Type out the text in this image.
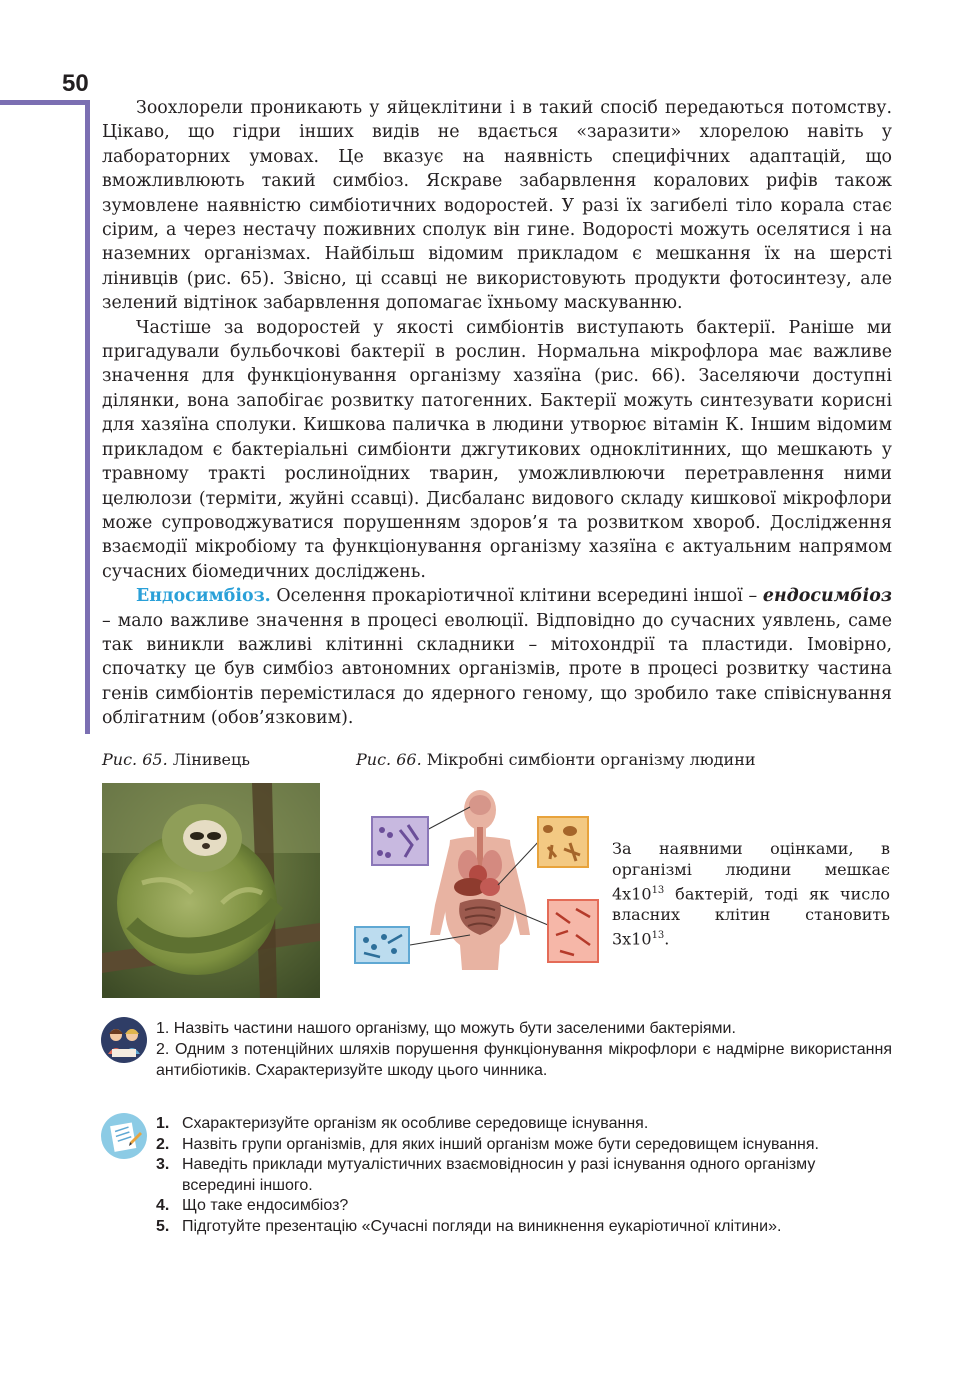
50

Зоохлорели проникають у яйцеклітини і в такий спосіб передаються потомству. Цікаво, що гідри інших видів не вдається «заразити» хлорелою навіть у лабораторних умовах. Це вказує на наявність специфічних адаптацій, що вможливлюють такий симбіоз. Яскраве забарвлення коралових рифів також зумовлене наявністю симбіотичних водоростей. У разі їх загибелі тіло корала стає сірим, а через нестачу поживних сполук він гине. Водорості можуть оселятися і на наземних організмах. Найбільш відомим прикладом є мешкання їх на шерсті лінивців (рис. 65). Звісно, ці ссавці не використовують продукти фотосинтезу, але зелений відтінок забарвлення допомагає їхньому маскуванню.

Частіше за водоростей у якості симбіонтів виступають бактерії. Раніше ми пригадували бульбочкові бактерії в рослин. Нормальна мікрофлора має важливе значення для функціонування організму хазяїна (рис. 66). Заселяючи доступні ділянки, вона запобігає розвитку патогенних. Бактерії можуть синтезувати корисні для хазяїна сполуки. Кишкова паличка в людини утворює вітамін К. Іншим відомим прикладом є бактеріальні симбіонти джгутикових одноклітинних, що мешкають у травному тракті рослиноїдних тварин, уможливлюючи перетравлення ними целюлози (терміти, жуйні ссавці). Дисбаланс видового складу кишкової мікрофлори може супроводжуватися порушенням здоров’я та розвитком хвороб. Дослідження взаємодії мікробіому та функціонування організму хазяїна є актуальним напрямом сучасних біомедичних досліджень.

Ендосимбіоз. Оселення прокаріотичної клітини всередині іншої – ендосимбіоз – мало важливе значення в процесі еволюції. Відповідно до сучасних уявлень, саме так виникли важливі клітинні складники – мітохондрії та пластиди. Імовірно, спочатку це був симбіоз автономних організмів, проте в процесі розвитку частина генів симбіонтів перемістилася до ядерного геному, що зробило таке співіснування облігатним (обов’язковим).

Рис. 65. Лінивець	Рис. 66. Мікробні симбіонти організму людини
За наявними оцінками, в організмі людини мешкає $4x10^{13}$ бактерій, тоді як число власних клітин становить $3x10^{13}$.

1. Назвіть частини нашого організму, що можуть бути заселеними бактеріями.

2. Одним з потенційних шляхів порушення функціонування мікрофлори є надмірне використання антибіотиків. Схарактеризуйте шкоду цього чинника.

1. Схарактеризуйте організм як особливе середовище існування.
2. Назвіть групи організмів, для яких інший організм може бути середовищем існування.
3. Наведіть приклади мутуалістичних взаємовідносин у разі існування одного організму всередині іншого.
4. Що таке ендосимбіоз?
5. Підготуйте презентацію «Сучасні погляди на виникнення еукаріотичної клітини».
